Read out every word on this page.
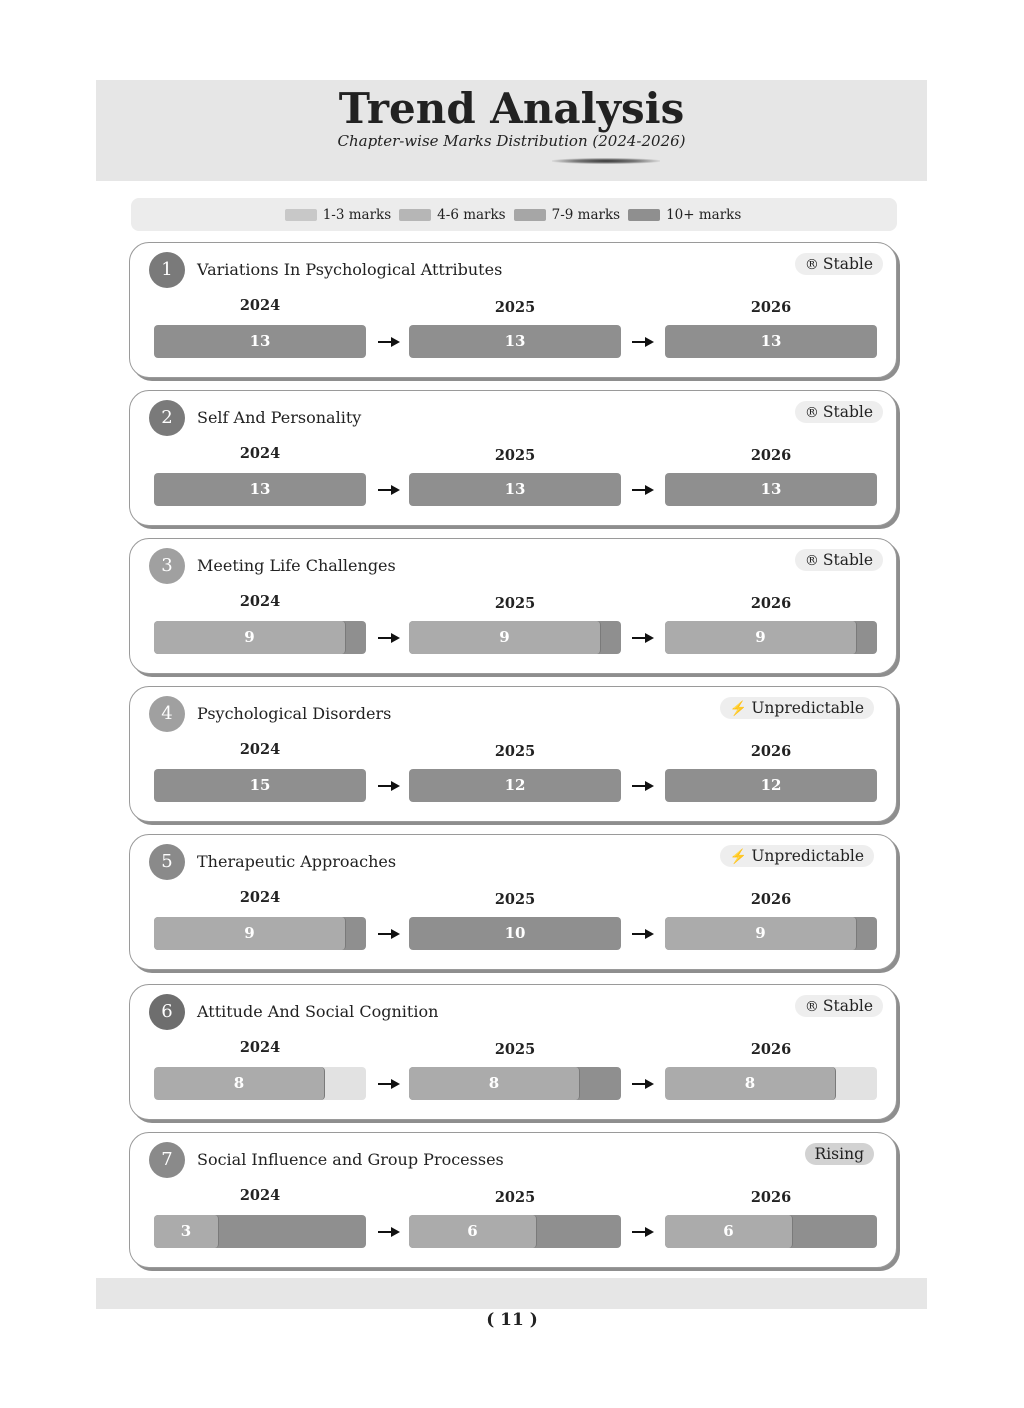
Trend Analysis
Chapter-wise Marks Distribution (2024-2026)
1-3 marks	4-6 marks	7-9 marks	10+ marks
1	Variations In Psychological Attributes	® Stable
2024
13
2025
13
2026
13
2	Self And Personality	® Stable
2024
13
2025
13
2026
13
3	Meeting Life Challenges	® Stable
2024
9
2025
9
2026
9
4	Psychological Disorders	⚡ Unpredictable
2024
15
2025
12
2026
12
5	Therapeutic Approaches	⚡ Unpredictable
2024
9
2025
10
2026
9
6	Attitude And Social Cognition	® Stable
2024
8
2025
8
2026
8
7	Social Influence and Group Processes	Rising
2024
3
2025
6
2026
6
( 11 )
